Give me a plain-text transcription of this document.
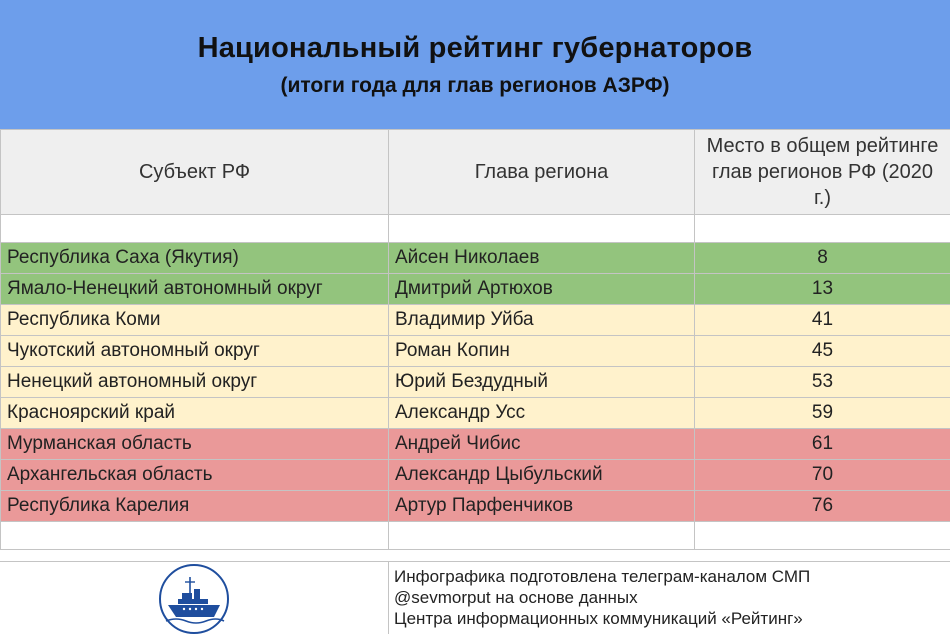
Национальный рейтинг губернаторов
(итоги года для глав регионов АЗРФ)
Субъект РФ	Глава региона	Место в общем рейтинге глав регионов РФ (2020 г.)

Республика Саха (Якутия)	Айсен Николаев	8
Ямало-Ненецкий автономный округ	Дмитрий Артюхов	13
Республика Коми	Владимир Уйба	41
Чукотский автономный округ	Роман Копин	45
Ненецкий автономный округ	Юрий Бездудный	53
Красноярский край	Александр Усс	59
Мурманская область	Андрей Чибис	61
Архангельская область	Александр Цыбульский	70
Республика Карелия	Артур Парфенчиков	76

Инфографика подготовлена телеграм-каналом СМП
@sevmorput на основе данных
Центра информационных коммуникаций «Рейтинг»
